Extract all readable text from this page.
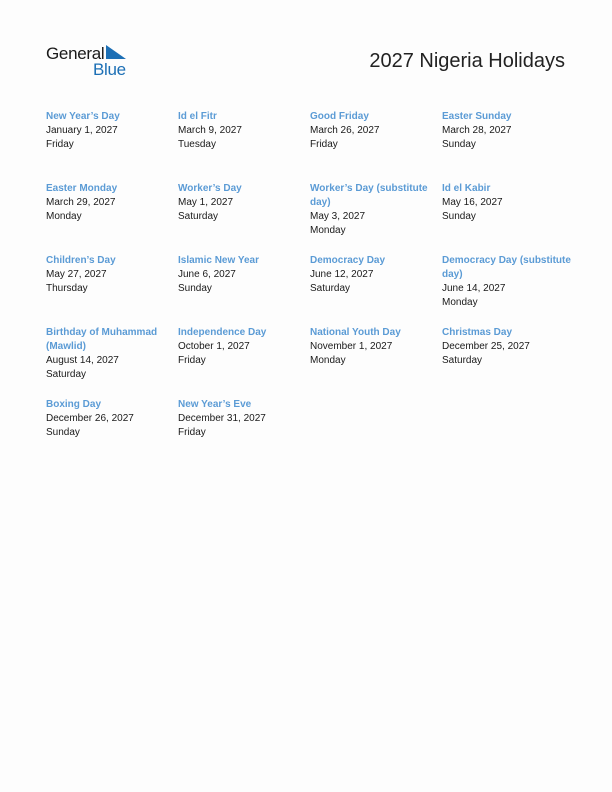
General
Blue	2027 Nigeria Holidays
New Year’s Day
January 1, 2027
Friday
Id el Fitr
March 9, 2027
Tuesday
Good Friday
March 26, 2027
Friday
Easter Sunday
March 28, 2027
Sunday
Easter Monday
March 29, 2027
Monday
Worker’s Day
May 1, 2027
Saturday
Worker’s Day (substitute day)
May 3, 2027
Monday
Id el Kabir
May 16, 2027
Sunday
Children’s Day
May 27, 2027
Thursday
Islamic New Year
June 6, 2027
Sunday
Democracy Day
June 12, 2027
Saturday
Democracy Day (substitute day)
June 14, 2027
Monday
Birthday of Muhammad (Mawlid)
August 14, 2027
Saturday
Independence Day
October 1, 2027
Friday
National Youth Day
November 1, 2027
Monday
Christmas Day
December 25, 2027
Saturday
Boxing Day
December 26, 2027
Sunday
New Year’s Eve
December 31, 2027
Friday
